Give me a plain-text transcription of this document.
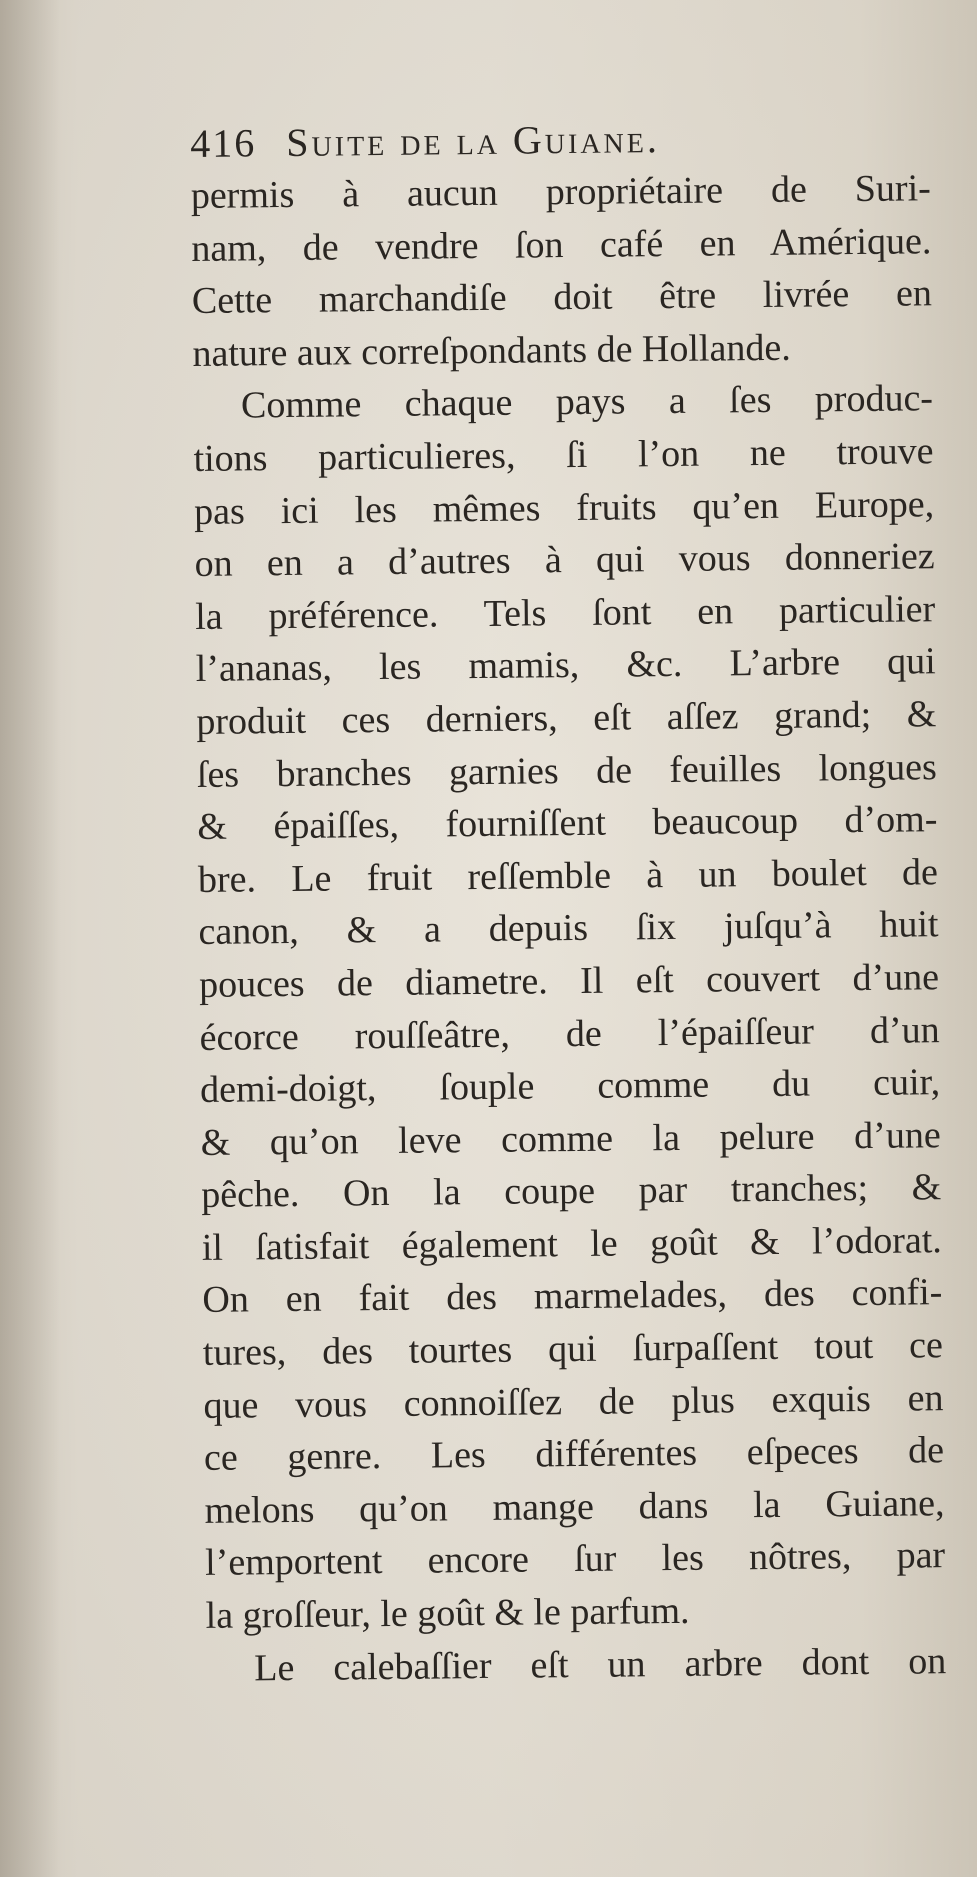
416 Suite de la Guiane.
permis à aucun propriétaire de Suri-
nam, de vendre ſon café en Amérique.
Cette marchandiſe doit être livrée en
nature aux correſpondants de Hollande.
Comme chaque pays a ſes produc-
tions particulieres, ſi l’on ne trouve
pas ici les mêmes fruits qu’en Europe,
on en a d’autres à qui vous donneriez
la préférence. Tels ſont en particulier
l’ananas, les mamis, &c. L’arbre qui
produit ces derniers, eſt aſſez grand; &
ſes branches garnies de feuilles longues
& épaiſſes, fourniſſent beaucoup d’om-
bre. Le fruit reſſemble à un boulet de
canon, & a depuis ſix juſqu’à huit
pouces de diametre. Il eſt couvert d’une
écorce rouſſeâtre, de l’épaiſſeur d’un
demi-doigt, ſouple comme du cuir,
& qu’on leve comme la pelure d’une
pêche. On la coupe par tranches; &
il ſatisfait également le goût & l’odorat.
On en fait des marmelades, des confi-
tures, des tourtes qui ſurpaſſent tout ce
que vous connoiſſez de plus exquis en
ce genre. Les différentes eſpeces de
melons qu’on mange dans la Guiane,
l’emportent encore ſur les nôtres, par
la groſſeur, le goût & le parfum.
Le calebaſſier eſt un arbre dont on
